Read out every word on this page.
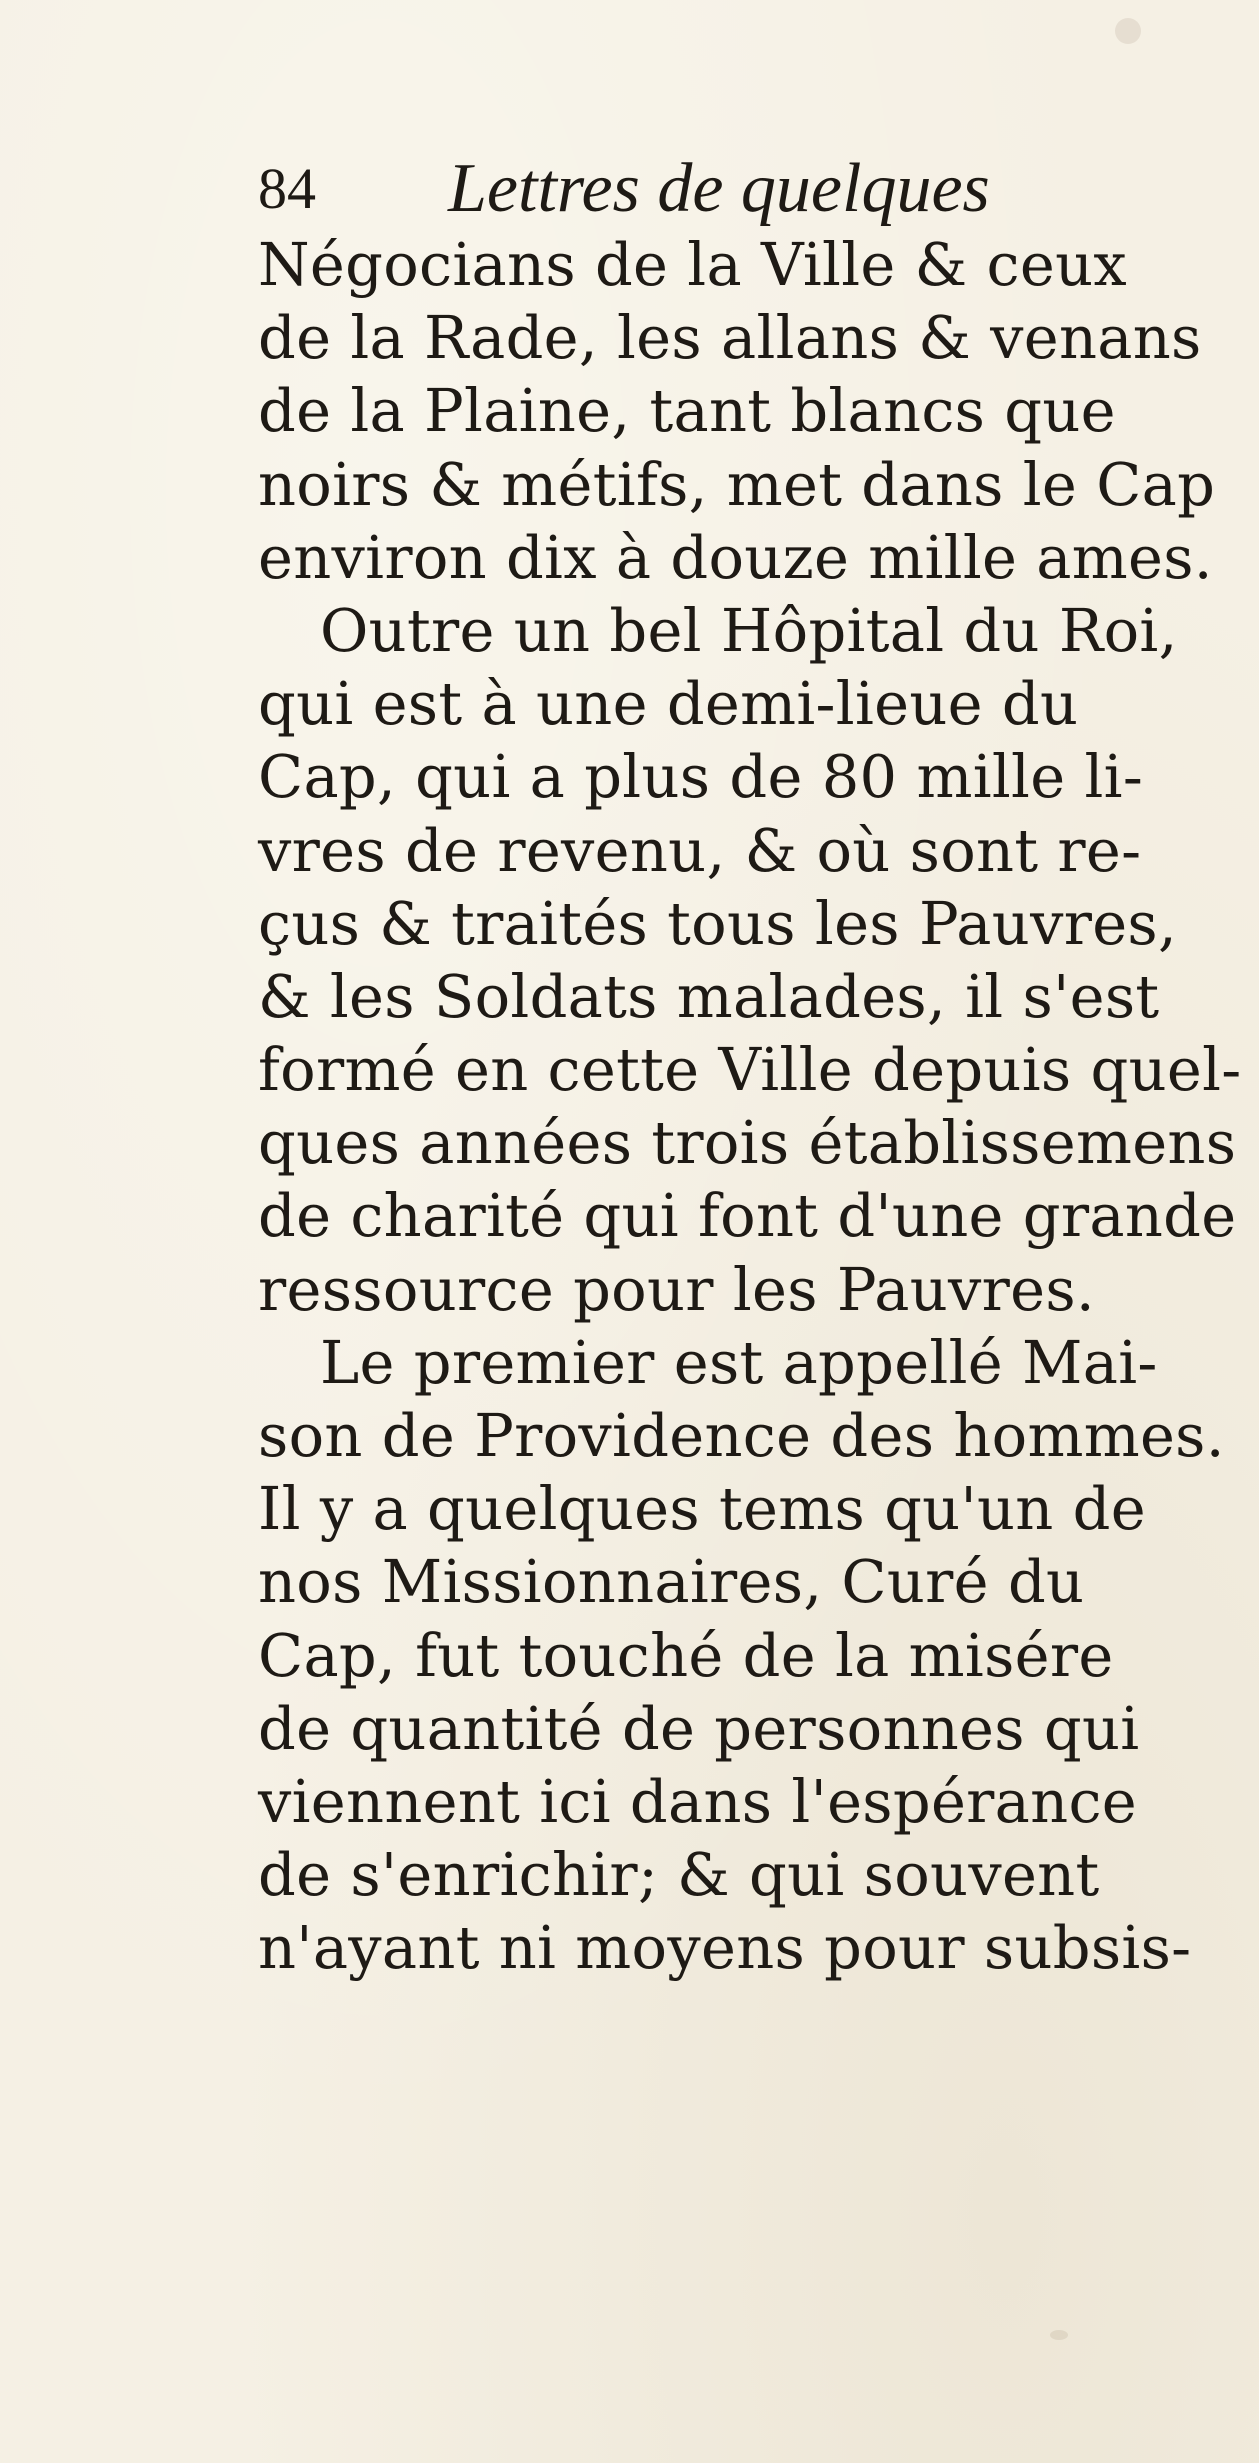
84 Lettres de quelques
Négocians de la Ville & ceux
de la Rade, les allans & venans
de la Plaine, tant blancs que
noirs & métifs, met dans le Cap
environ dix à douze mille ames.
Outre un bel Hôpital du Roi,
qui est à une demi-lieue du
Cap, qui a plus de 80 mille li-
vres de revenu, & où sont re-
çus & traités tous les Pauvres,
& les Soldats malades, il s'est
formé en cette Ville depuis quel-
ques années trois établissemens
de charité qui font d'une grande
ressource pour les Pauvres.
Le premier est appellé Mai-
son de Providence des hommes.
Il y a quelques tems qu'un de
nos Missionnaires, Curé du
Cap, fut touché de la misére
de quantité de personnes qui
viennent ici dans l'espérance
de s'enrichir; & qui souvent
n'ayant ni moyens pour subsis-
